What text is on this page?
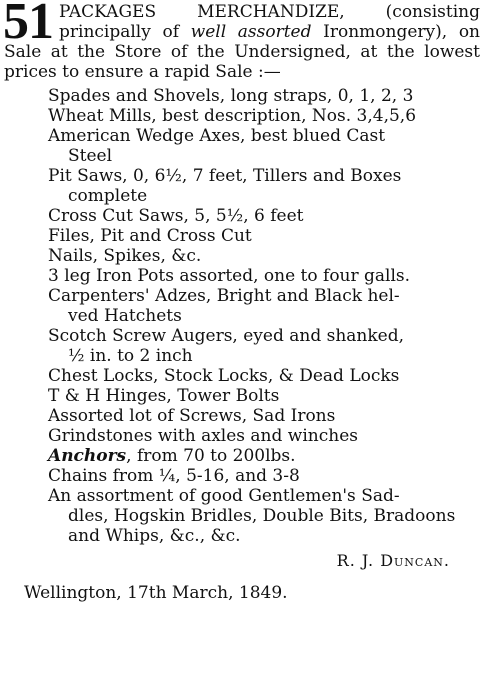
51 PACKAGES MERCHANDIZE, (consisting principally of well assorted Ironmongery), on Sale at the Store of the Undersigned, at the lowest prices to ensure a rapid Sale :—
Spades and Shovels, long straps, 0, 1, 2, 3
Wheat Mills, best description, Nos. 3,4,5,6
American Wedge Axes, best blued Cast
Steel
Pit Saws, 0, 6½, 7 feet, Tillers and Boxes
complete
Cross Cut Saws, 5, 5½, 6 feet
Files, Pit and Cross Cut
Nails, Spikes, &c.
3 leg Iron Pots assorted, one to four galls.
Carpenters' Adzes, Bright and Black hel-
ved Hatchets
Scotch Screw Augers, eyed and shanked,
½ in. to 2 inch
Chest Locks, Stock Locks, & Dead Locks
T & H Hinges, Tower Bolts
Assorted lot of Screws, Sad Irons
Grindstones with axles and winches
Anchors, from 70 to 200lbs.
Chains from ¼, 5-16, and 3-8
An assortment of good Gentlemen's Sad-
dles, Hogskin Bridles, Double Bits, Bradoons and Whips, &c., &c.
R. J. Duncan.
Wellington, 17th March, 1849.
